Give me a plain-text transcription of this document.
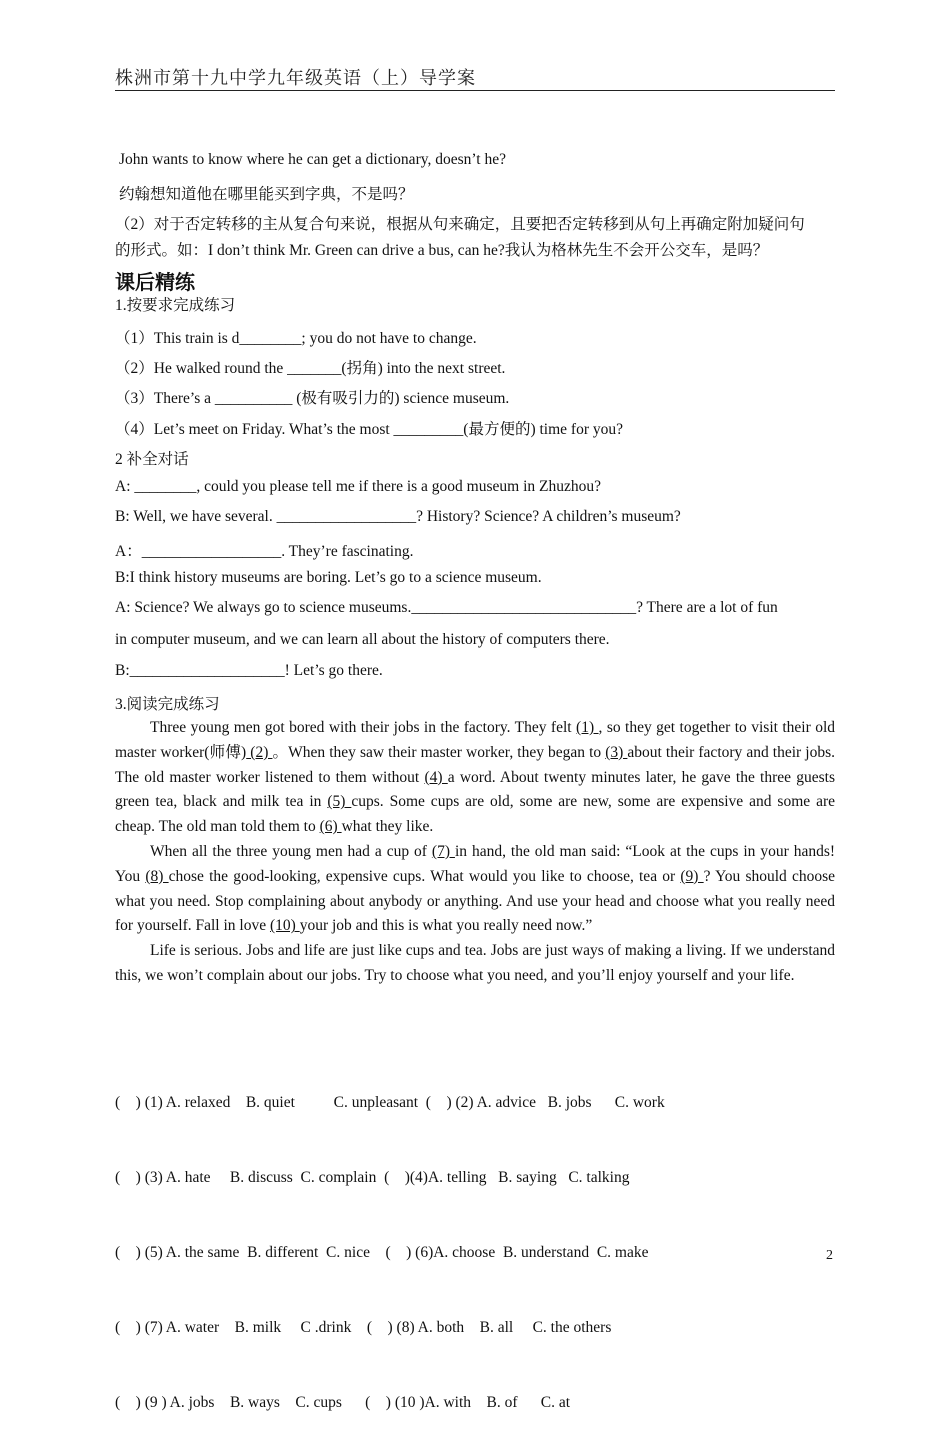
株洲市第十九中学九年级英语（上）导学案
John wants to know where he can get a dictionary, doesn’t he?
约翰想知道他在哪里能买到字典，不是吗？
（2）对于否定转移的主从复合句来说，根据从句来确定，且要把否定转移到从句上再确定附加疑问句
的形式。如：I don’t think Mr. Green can drive a bus, can he?我认为格林先生不会开公交车，是吗？
课后精练
1.按要求完成练习
（1）This train is d________; you do not have to change.
（2）He walked round the _______(拐角) into the next street.
（3）There’s a __________ (极有吸引力的) science museum.
（4）Let’s meet on Friday. What’s the most _________(最方便的) time for you?
2 补全对话
A: ________, could you please tell me if there is a good museum in Zhuzhou?
B: Well, we have several. __________________? History? Science? A children’s museum?
A：__________________. They’re fascinating.
B:I think history museums are boring. Let’s go to a science museum.
A: Science? We always go to science museums._____________________________? There are a lot of fun
in computer museum, and we can learn all about the history of computers there.
B:____________________! Let’s go there.
3.阅读完成练习

Three young men got bored with their jobs in the factory. They felt (1) , so they get together to visit their old master worker(师傅) (2) 。When they saw their master worker, they began to (3) about their factory and their jobs. The old master worker listened to them without (4) a word. About twenty minutes later, he gave the three guests green tea, black and milk tea in (5) cups. Some cups are old, some are new, some are expensive and some are cheap. The old man told them to (6) what they like.

When all the three young men had a cup of (7) in hand, the old man said: “Look at the cups in your hands! You (8) chose the good-looking, expensive cups. What would you like to choose, tea or (9) ? You should choose what you need. Stop complaining about anybody or anything. And use your head and choose what you really need for yourself. Fall in love (10) your job and this is what you really need now.”

Life is serious. Jobs and life are just like cups and tea. Jobs are just ways of making a living. If we understand this, we won’t complain about our jobs. Try to choose what you need, and you’ll enjoy yourself and your life.

(    ) (1) A. relaxed    B. quiet          C. unpleasant  (    ) (2) A. advice   B. jobs      C. work

(    ) (3) A. hate     B. discuss  C. complain  (    )(4)A. telling   B. saying   C. talking

(    ) (5) A. the same  B. different  C. nice    (    ) (6)A. choose  B. understand  C. make

(    ) (7) A. water    B. milk     C .drink    (    ) (8) A. both    B. all     C. the others

(    ) (9 ) A. jobs    B. ways    C. cups      (    ) (10 )A. with    B. of      C. at

2
